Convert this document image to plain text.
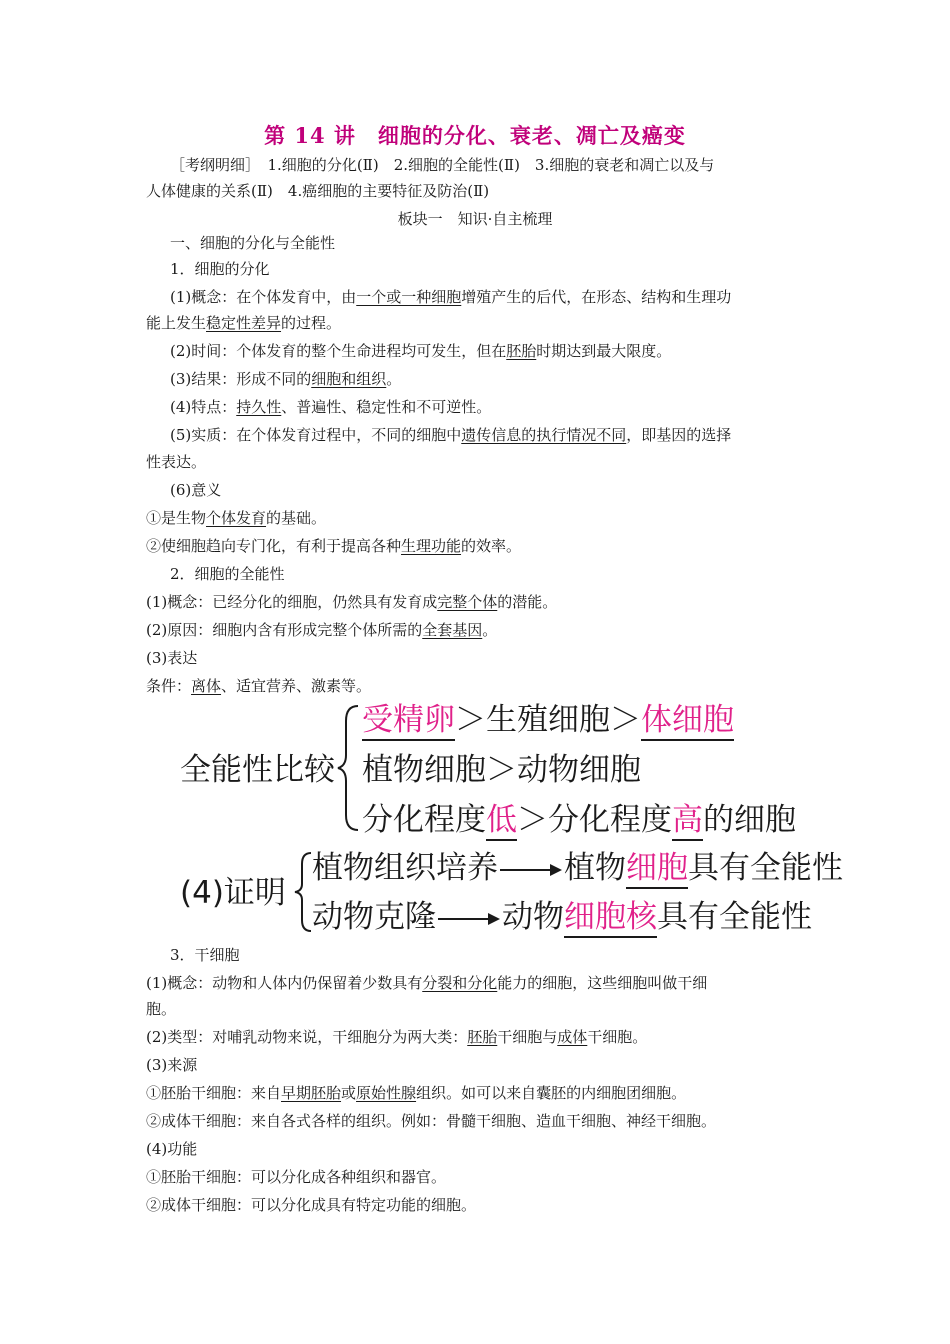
第 14 讲　细胞的分化、衰老、凋亡及癌变
［考纲明细］　1.细胞的分化(Ⅱ)　2.细胞的全能性(Ⅱ)　3.细胞的衰老和凋亡以及与
人体健康的关系(Ⅱ)　4.癌细胞的主要特征及防治(Ⅱ)
板块一　知识·自主梳理
一、细胞的分化与全能性
1．细胞的分化
(1)概念：在个体发育中，由一个或一种细胞增殖产生的后代，在形态、结构和生理功
能上发生稳定性差异的过程。
(2)时间：个体发育的整个生命进程均可发生，但在胚胎时期达到最大限度。
(3)结果：形成不同的细胞和组织。
(4)特点：持久性、普遍性、稳定性和不可逆性。
(5)实质：在个体发育过程中，不同的细胞中遗传信息的执行情况不同，即基因的选择
性表达。
(6)意义
①是生物个体发育的基础。
②使细胞趋向专门化，有利于提高各种生理功能的效率。
2．细胞的全能性
(1)概念：已经分化的细胞，仍然具有发育成完整个体的潜能。
(2)原因：细胞内含有形成完整个体所需的全套基因。
(3)表达
条件：离体、适宜营养、激素等。
全能性比较
受精卵＞生殖细胞＞体细胞
植物细胞＞动物细胞
分化程度低＞分化程度高的细胞
(4)证明
植物组织培养 植物细胞具有全能性
动物克隆 动物细胞核具有全能性
3．干细胞
(1)概念：动物和人体内仍保留着少数具有分裂和分化能力的细胞，这些细胞叫做干细
胞。
(2)类型：对哺乳动物来说，干细胞分为两大类：胚胎干细胞与成体干细胞。
(3)来源
①胚胎干细胞：来自早期胚胎或原始性腺组织。如可以来自囊胚的内细胞团细胞。
②成体干细胞：来自各式各样的组织。例如：骨髓干细胞、造血干细胞、神经干细胞。
(4)功能
①胚胎干细胞：可以分化成各种组织和器官。
②成体干细胞：可以分化成具有特定功能的细胞。
